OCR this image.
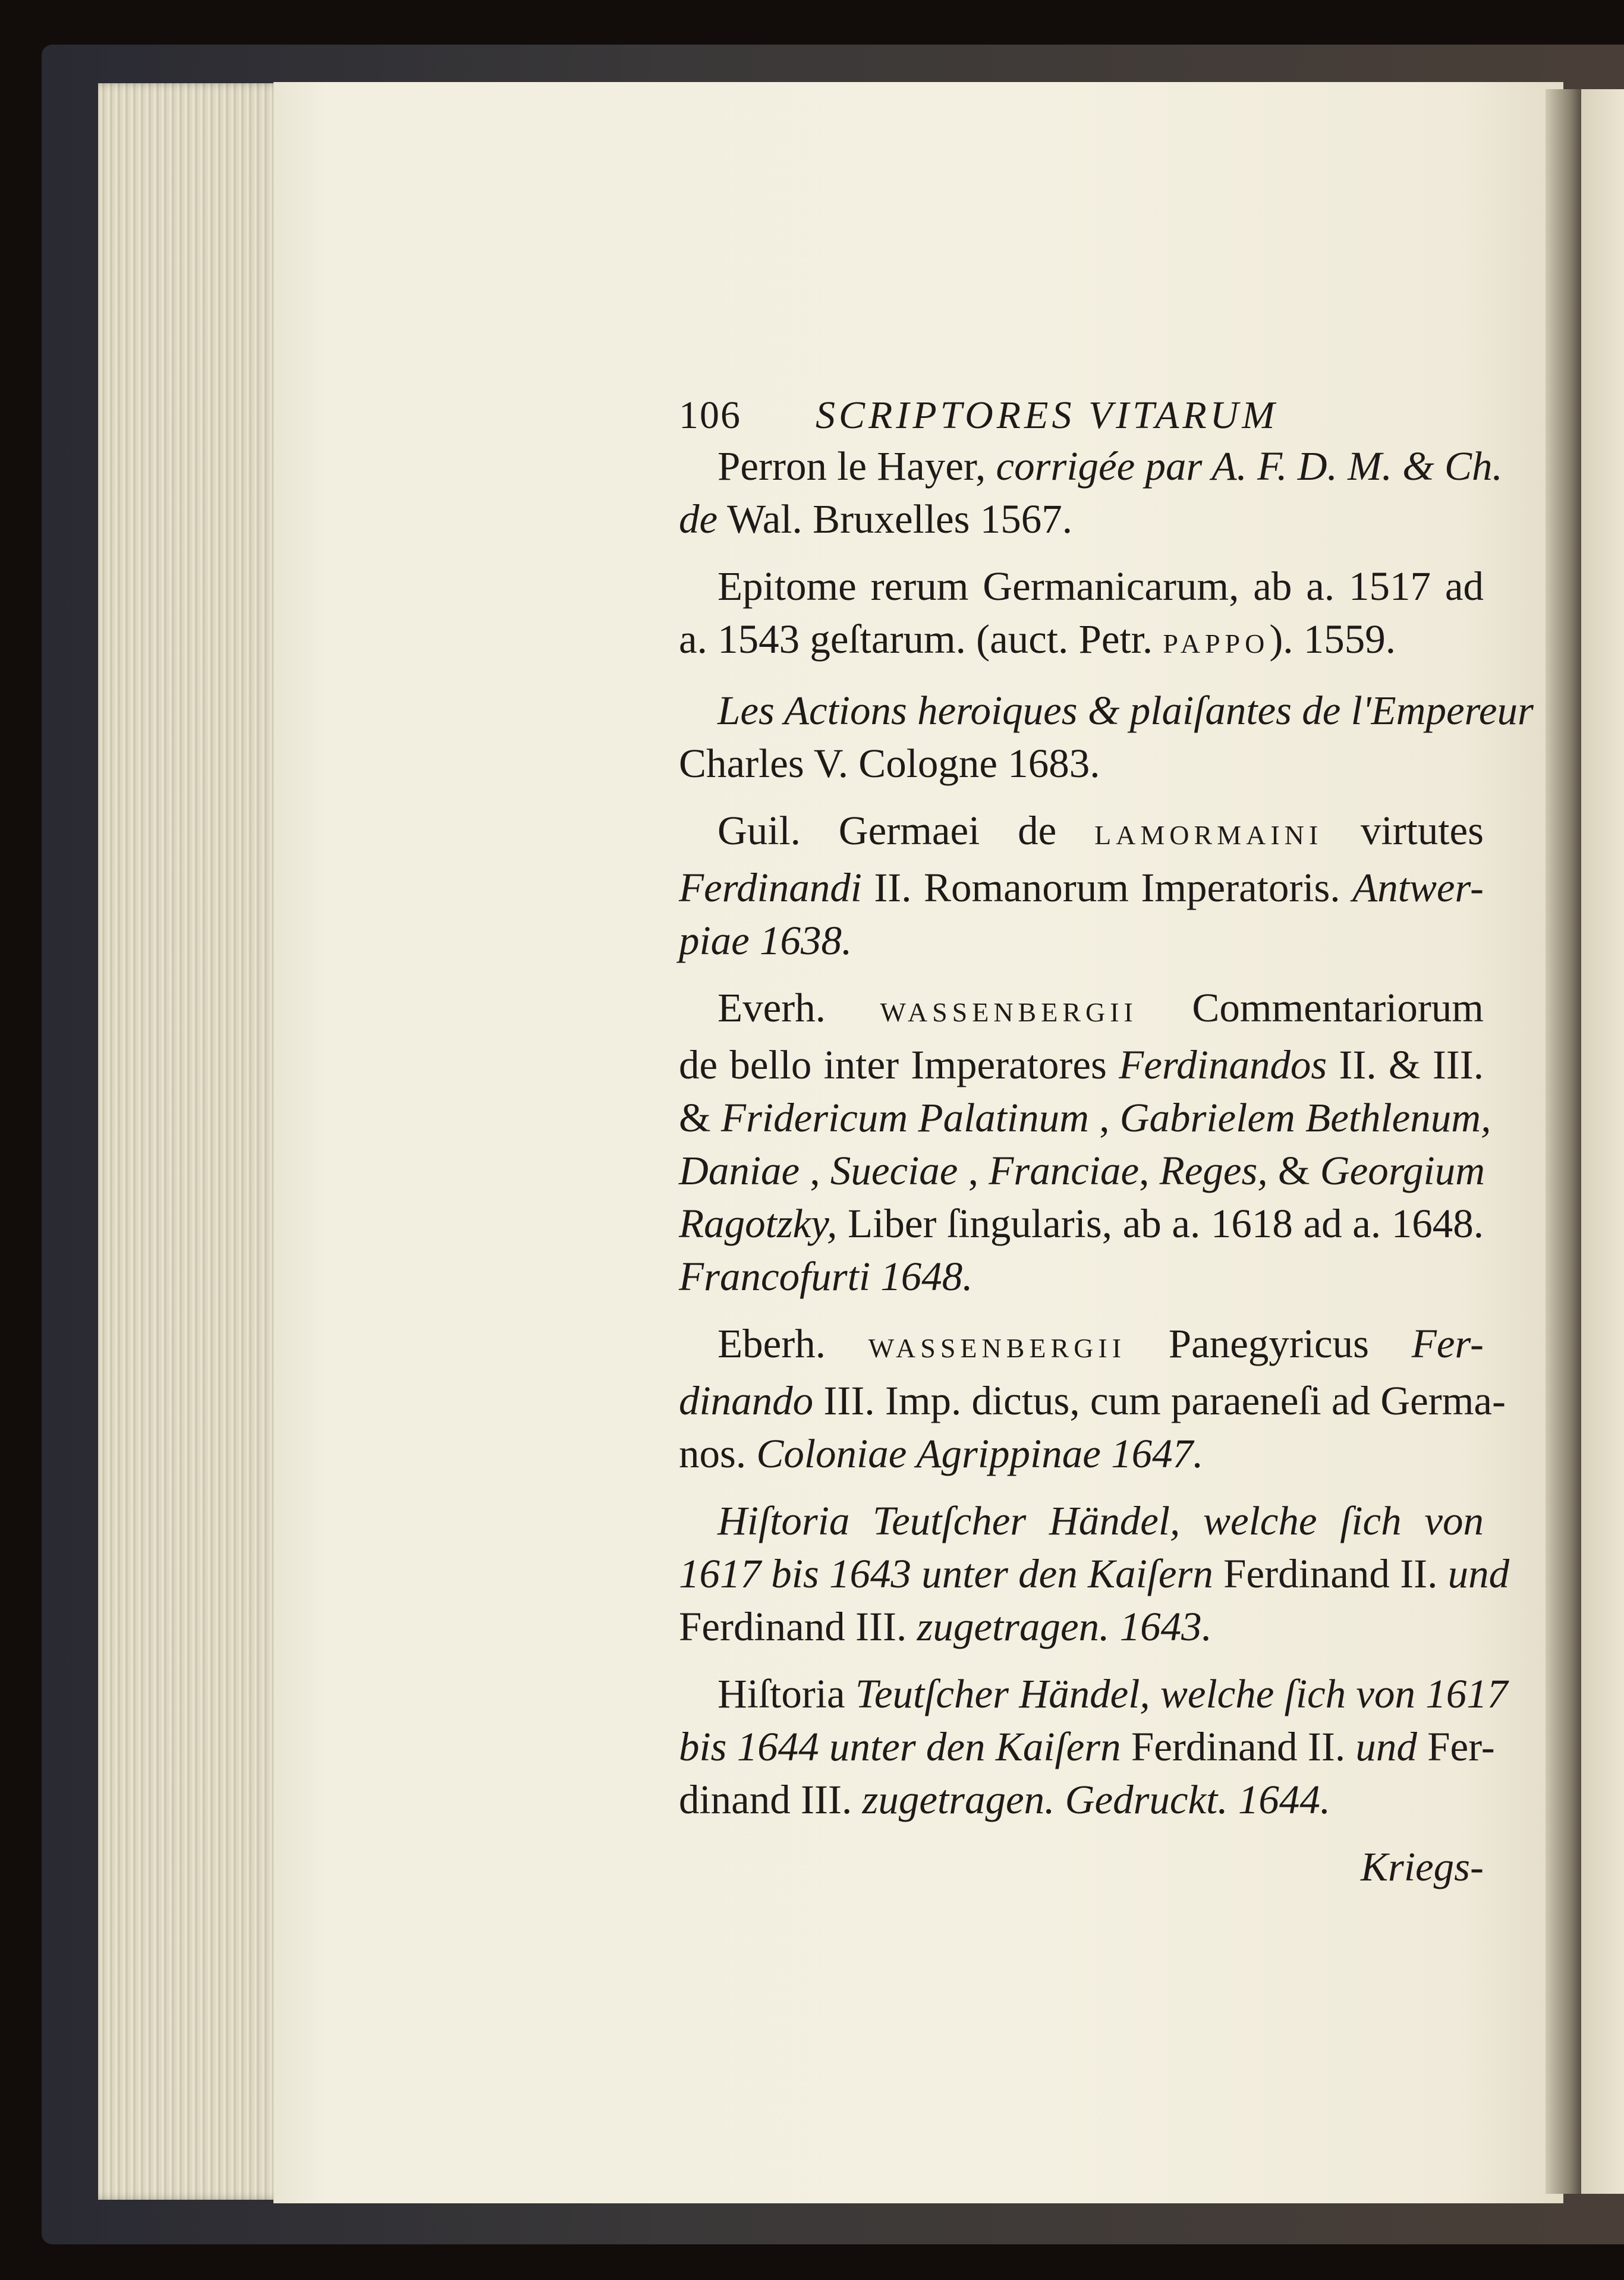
106 SCRIPTORES VITARUM
Perron le Hayer, corrigée par A. F. D. M. & Ch.
de Wal. Bruxelles 1567.
Epitome rerum Germanicarum, ab a. 1517 ad
a. 1543 geſtarum. (auct. Petr. PAPPO). 1559.
Les Actions heroiques & plaiſantes de l'Empereur
Charles V. Cologne 1683.
Guil. Germaei de LAMORMAINI virtutes
Ferdinandi II. Romanorum Imperatoris. Antwer-
piae 1638.
Everh. WASSENBERGII Commentariorum
de bello inter Imperatores Ferdinandos II. & III.
& Fridericum Palatinum , Gabrielem Bethlenum,
Daniae , Sueciae , Franciae, Reges, & Georgium
Ragotzky, Liber ſingularis, ab a. 1618 ad a. 1648.
Francofurti 1648.
Eberh. WASSENBERGII Panegyricus Fer-
dinando III. Imp. dictus, cum paraeneſi ad Germa-
nos. Coloniae Agrippinae 1647.
Hiſtoria Teutſcher Händel, welche ſich von
1617 bis 1643 unter den Kaiſern Ferdinand II. und
Ferdinand III. zugetragen. 1643.
Hiſtoria Teutſcher Händel, welche ſich von 1617
bis 1644 unter den Kaiſern Ferdinand II. und Fer-
dinand III. zugetragen. Gedruckt. 1644.
Kriegs-
